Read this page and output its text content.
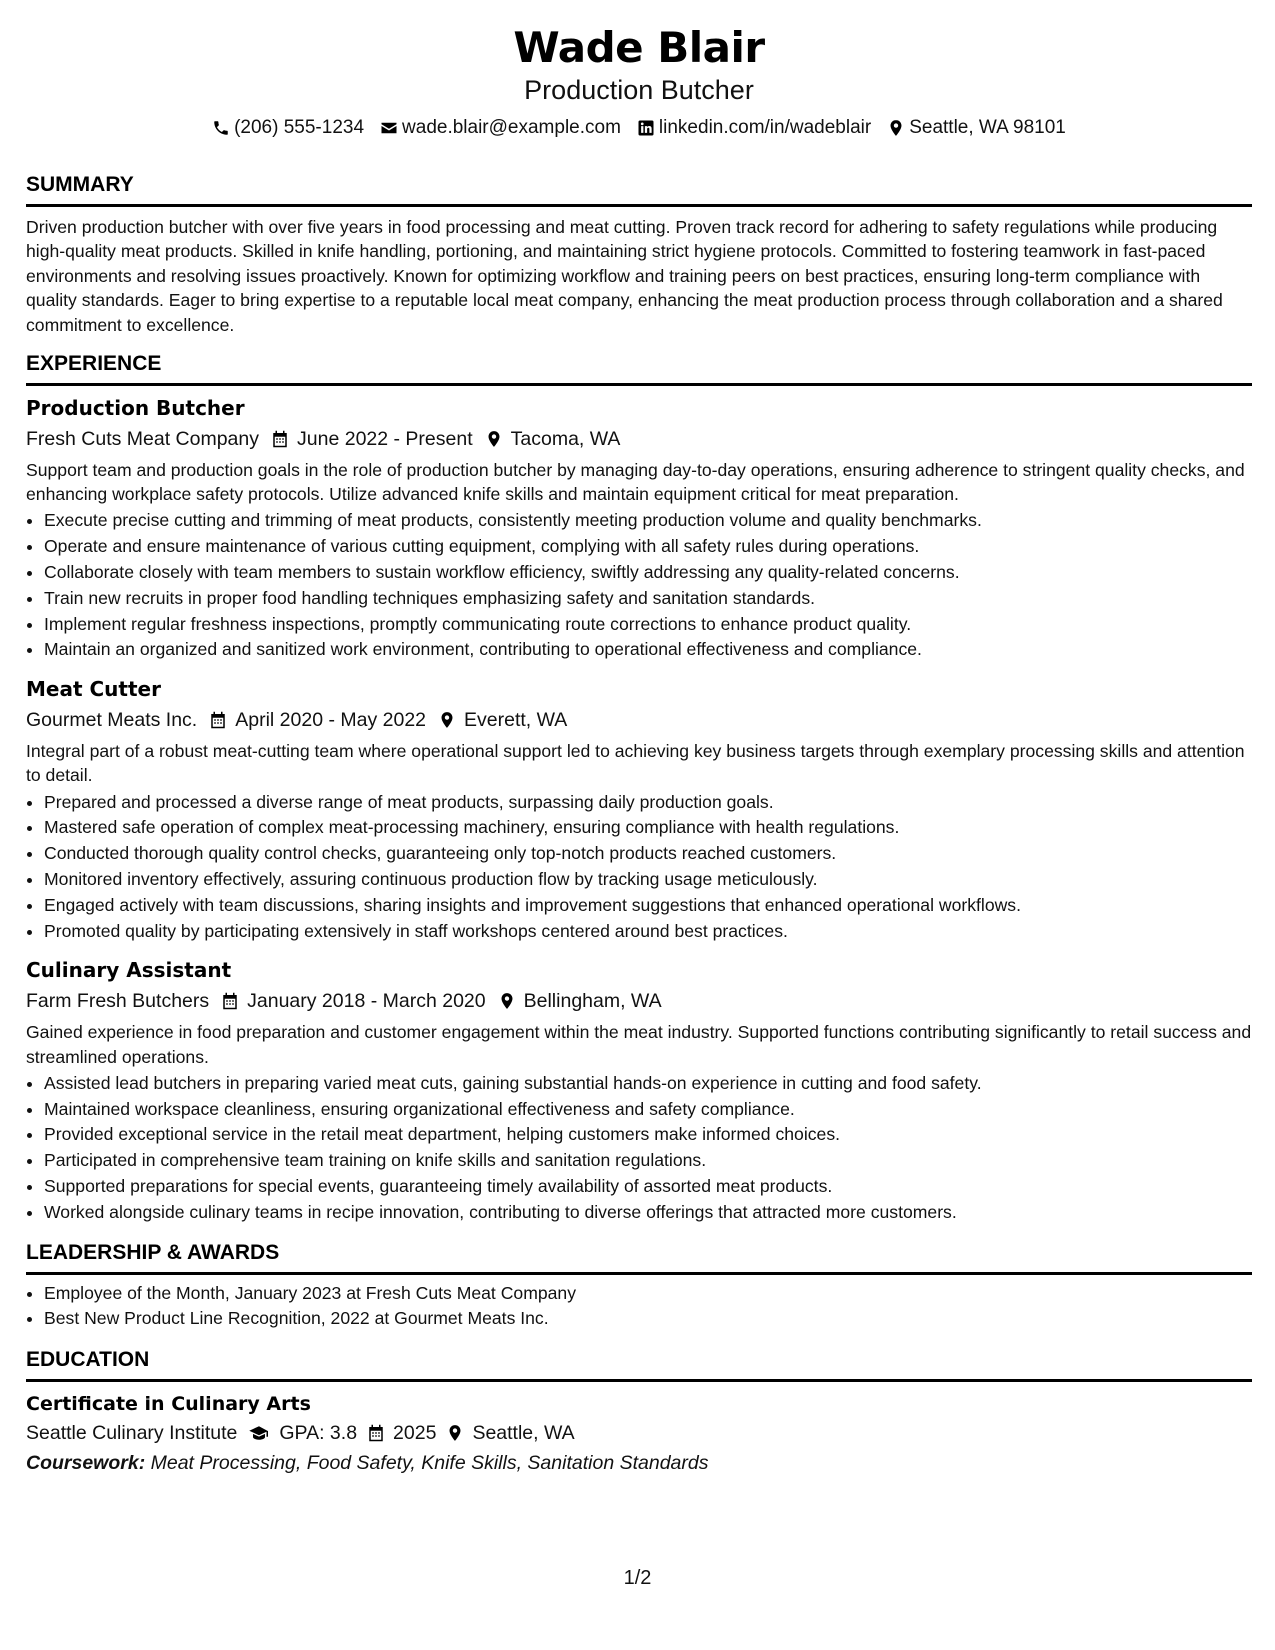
Wade Blair
Production Butcher
(206) 555-1234 wade.blair@example.com linkedin.com/in/wadeblair Seattle, WA 98101
SUMMARY
Driven production butcher with over five years in food processing and meat cutting. Proven track record for adhering to safety regulations while producing high-quality meat products. Skilled in knife handling, portioning, and maintaining strict hygiene protocols. Committed to fostering teamwork in fast-paced environments and resolving issues proactively. Known for optimizing workflow and training peers on best practices, ensuring long-term compliance with quality standards. Eager to bring expertise to a reputable local meat company, enhancing the meat production process through collaboration and a shared commitment to excellence.
EXPERIENCE
Production Butcher
Fresh Cuts Meat Company June 2022 - Present Tacoma, WA
Support team and production goals in the role of production butcher by managing day-to-day operations, ensuring adherence to stringent quality checks, and enhancing workplace safety protocols. Utilize advanced knife skills and maintain equipment critical for meat preparation.
• Execute precise cutting and trimming of meat products, consistently meeting production volume and quality benchmarks.
• Operate and ensure maintenance of various cutting equipment, complying with all safety rules during operations.
• Collaborate closely with team members to sustain workflow efficiency, swiftly addressing any quality-related concerns.
• Train new recruits in proper food handling techniques emphasizing safety and sanitation standards.
• Implement regular freshness inspections, promptly communicating route corrections to enhance product quality.
• Maintain an organized and sanitized work environment, contributing to operational effectiveness and compliance.
Meat Cutter
Gourmet Meats Inc. April 2020 - May 2022 Everett, WA
Integral part of a robust meat-cutting team where operational support led to achieving key business targets through exemplary processing skills and attention to detail.
• Prepared and processed a diverse range of meat products, surpassing daily production goals.
• Mastered safe operation of complex meat-processing machinery, ensuring compliance with health regulations.
• Conducted thorough quality control checks, guaranteeing only top-notch products reached customers.
• Monitored inventory effectively, assuring continuous production flow by tracking usage meticulously.
• Engaged actively with team discussions, sharing insights and improvement suggestions that enhanced operational workflows.
• Promoted quality by participating extensively in staff workshops centered around best practices.
Culinary Assistant
Farm Fresh Butchers January 2018 - March 2020 Bellingham, WA
Gained experience in food preparation and customer engagement within the meat industry. Supported functions contributing significantly to retail success and streamlined operations.
• Assisted lead butchers in preparing varied meat cuts, gaining substantial hands-on experience in cutting and food safety.
• Maintained workspace cleanliness, ensuring organizational effectiveness and safety compliance.
• Provided exceptional service in the retail meat department, helping customers make informed choices.
• Participated in comprehensive team training on knife skills and sanitation regulations.
• Supported preparations for special events, guaranteeing timely availability of assorted meat products.
• Worked alongside culinary teams in recipe innovation, contributing to diverse offerings that attracted more customers.
LEADERSHIP & AWARDS
• Employee of the Month, January 2023 at Fresh Cuts Meat Company
• Best New Product Line Recognition, 2022 at Gourmet Meats Inc.
EDUCATION
Certificate in Culinary Arts
Seattle Culinary Institute GPA: 3.8 2025 Seattle, WA
Coursework: Meat Processing, Food Safety, Knife Skills, Sanitation Standards
1/2
